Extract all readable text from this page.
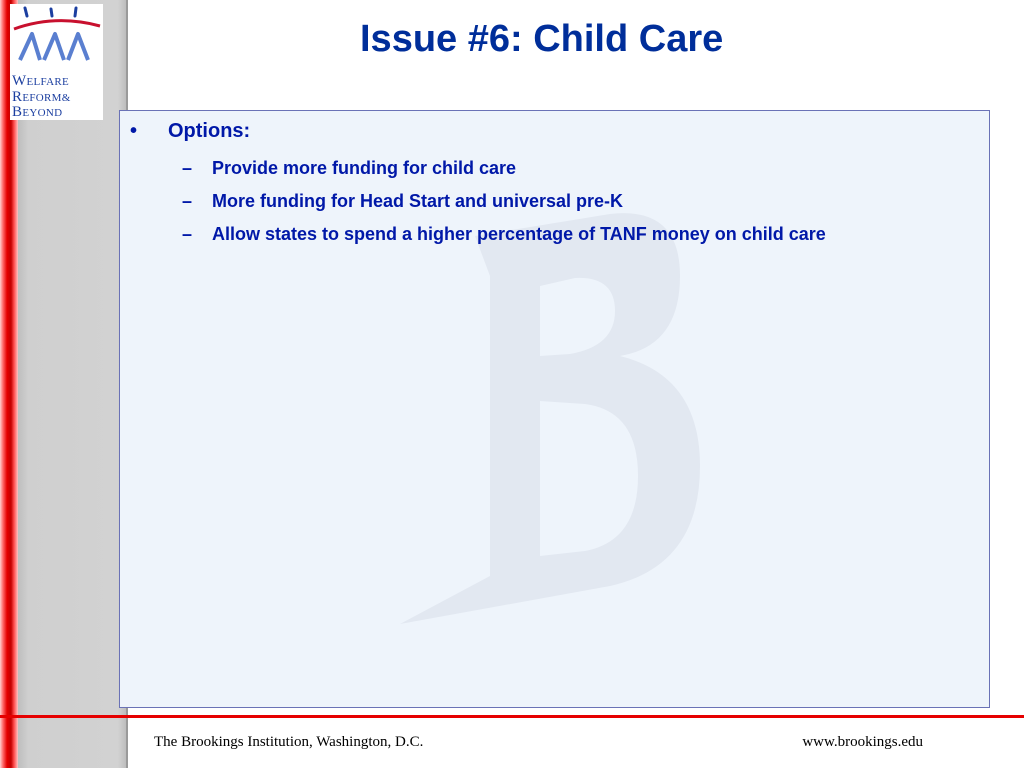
WELFARE
REFORM&
BEYOND
Issue #6: Child Care
• Options:
– Provide more funding for child care
– More funding for Head Start and universal pre-K
– Allow states to spend a higher percentage of TANF money on child care
The Brookings Institution, Washington, D.C.	www.brookings.edu
